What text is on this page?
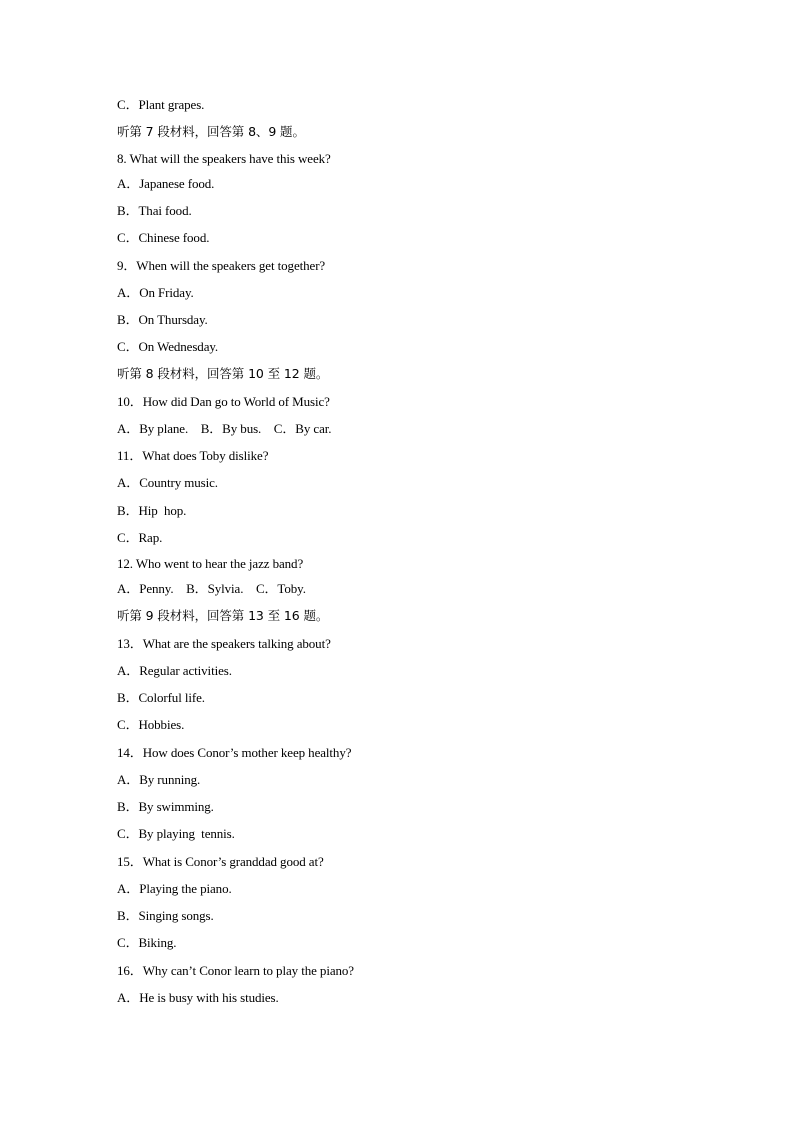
C．Plant grapes.
听第 7 段材料，回答第 8、9 题。
8. What will the speakers have this week?
A．Japanese food.
B．Thai food.
C．Chinese food.
9．When will the speakers get together?
A．On Friday.
B．On Thursday.
C．On Wednesday.
听第 8 段材料，回答第 10 至 12 题。
10．How did Dan go to World of Music?
A．By plane.    B．By bus.    C．By car.
11．What does Toby dislike?
A．Country music.
B．Hip  hop.
C．Rap.
12. Who went to hear the jazz band?
A．Penny.    B．Sylvia.    C．Toby.
听第 9 段材料，回答第 13 至 16 题。
13．What are the speakers talking about?
A．Regular activities.
B．Colorful life.
C．Hobbies.
14．How does Conor’s mother keep healthy?
A．By running.
B．By swimming.
C．By playing  tennis.
15．What is Conor’s granddad good at?
A．Playing the piano.
B．Singing songs.
C．Biking.
16．Why can’t Conor learn to play the piano?
A．He is busy with his studies.
